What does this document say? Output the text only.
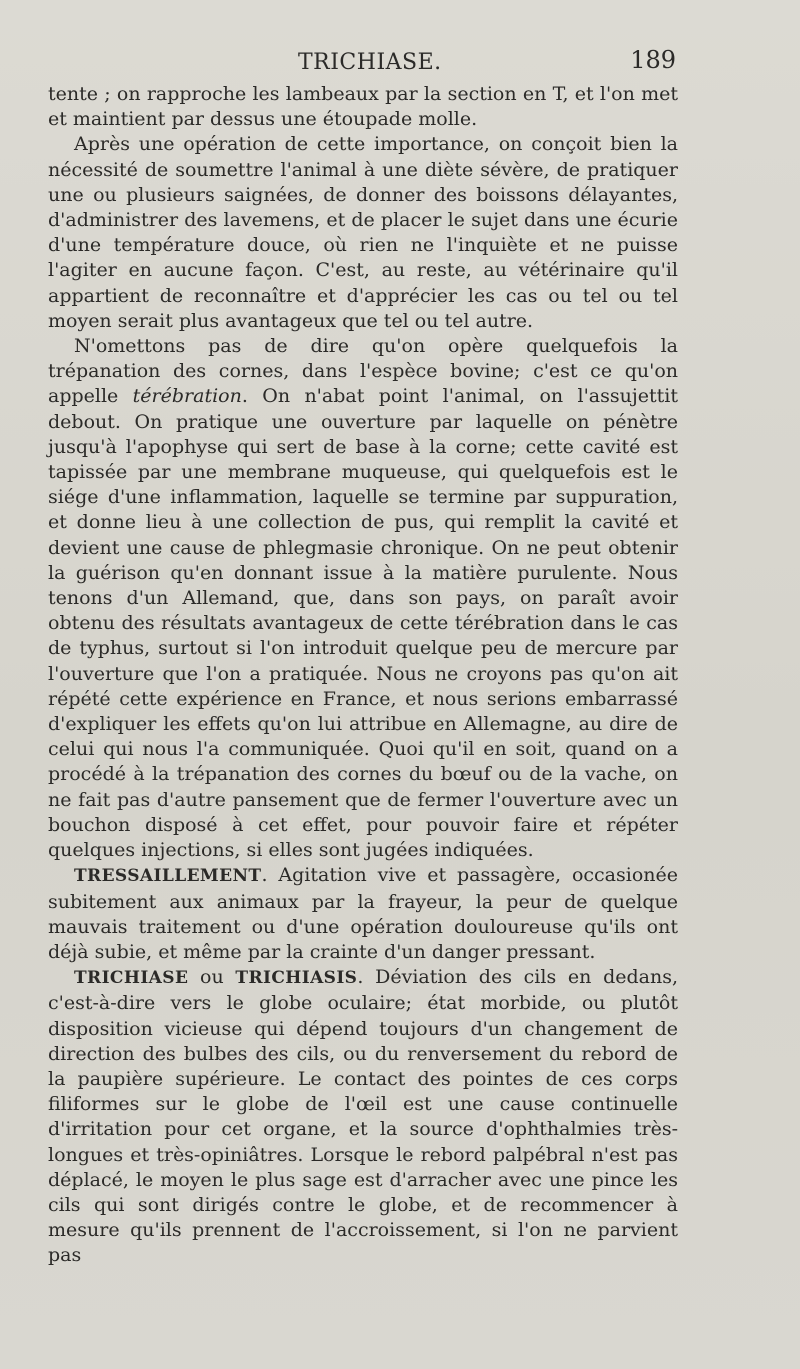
TRICHIASE.	189

tente ; on rapproche les lambeaux par la section en T, et l'on met et maintient par dessus une étoupade molle.

Après une opération de cette importance, on conçoit bien la nécessité de soumettre l'animal à une diète sévère, de pratiquer une ou plusieurs saignées, de donner des boissons délayantes, d'administrer des lavemens, et de placer le sujet dans une écurie d'une température douce, où rien ne l'inquiète et ne puisse l'agiter en aucune façon. C'est, au reste, au vétérinaire qu'il appartient de reconnaître et d'apprécier les cas ou tel ou tel moyen serait plus avantageux que tel ou tel autre.

N'omettons pas de dire qu'on opère quelquefois la trépanation des cornes, dans l'espèce bovine; c'est ce qu'on appelle térébration. On n'abat point l'animal, on l'assujettit debout. On pratique une ouverture par laquelle on pénètre jusqu'à l'apophyse qui sert de base à la corne; cette cavité est tapissée par une membrane muqueuse, qui quelquefois est le siége d'une inflammation, laquelle se termine par suppuration, et donne lieu à une collection de pus, qui remplit la cavité et devient une cause de phlegmasie chronique. On ne peut obtenir la guérison qu'en donnant issue à la matière purulente. Nous tenons d'un Allemand, que, dans son pays, on paraît avoir obtenu des résultats avantageux de cette térébration dans le cas de typhus, surtout si l'on introduit quelque peu de mercure par l'ouverture que l'on a pratiquée. Nous ne croyons pas qu'on ait répété cette expérience en France, et nous serions embarrassé d'expliquer les effets qu'on lui attribue en Allemagne, au dire de celui qui nous l'a communiquée. Quoi qu'il en soit, quand on a procédé à la trépanation des cornes du bœuf ou de la vache, on ne fait pas d'autre pansement que de fermer l'ouverture avec un bouchon disposé à cet effet, pour pouvoir faire et répéter quelques injections, si elles sont jugées indiquées.

TRESSAILLEMENT. Agitation vive et passagère, occasionée subitement aux animaux par la frayeur, la peur de quelque mauvais traitement ou d'une opération douloureuse qu'ils ont déjà subie, et même par la crainte d'un danger pressant.

TRICHIASE ou TRICHIASIS. Déviation des cils en dedans, c'est-à-dire vers le globe oculaire; état morbide, ou plutôt disposition vicieuse qui dépend toujours d'un changement de direction des bulbes des cils, ou du renversement du rebord de la paupière supérieure. Le contact des pointes de ces corps filiformes sur le globe de l'œil est une cause continuelle d'irritation pour cet organe, et la source d'ophthalmies très-longues et très-opiniâtres. Lorsque le rebord palpébral n'est pas déplacé, le moyen le plus sage est d'arracher avec une pince les cils qui sont dirigés contre le globe, et de recommencer à mesure qu'ils prennent de l'accroissement, si l'on ne parvient pas
